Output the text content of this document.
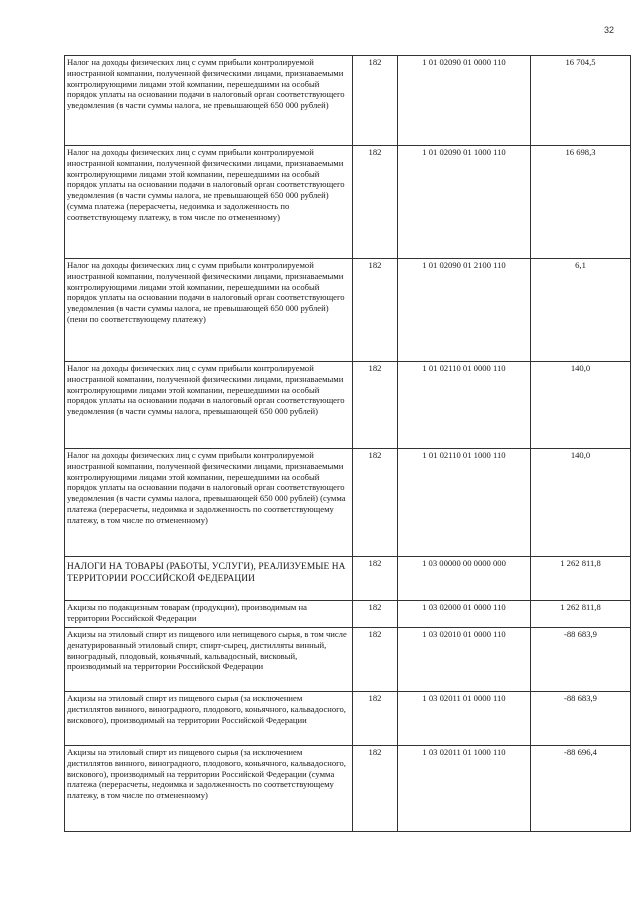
32
Налог на доходы физических лиц с сумм прибыли контролируемой иностранной компании, полученной физическими лицами, признаваемыми контролирующими лицами этой компании, перешедшими на особый порядок уплаты на основании подачи в налоговый орган соответствующего уведомления (в части суммы налога, не превышающей 650 000 рублей)	182	1 01 02090 01 0000 110	16 704,5
Налог на доходы физических лиц с сумм прибыли контролируемой иностранной компании, полученной физическими лицами, признаваемыми контролирующими лицами этой компании, перешедшими на особый порядок уплаты на основании подачи в налоговый орган соответствующего уведомления (в части суммы налога, не превышающей 650 000 рублей) (сумма платежа (перерасчеты, недоимка и задолженность по соответствующему платежу, в том числе по отмененному)	182	1 01 02090 01 1000 110	16 698,3
Налог на доходы физических лиц с сумм прибыли контролируемой иностранной компании, полученной физическими лицами, признаваемыми контролирующими лицами этой компании, перешедшими на особый порядок уплаты на основании подачи в налоговый орган соответствующего уведомления (в части суммы налога, не превышающей 650 000 рублей) (пени по соответствующему платежу)	182	1 01 02090 01 2100 110	6,1
Налог на доходы физических лиц с сумм прибыли контролируемой иностранной компании, полученной физическими лицами, признаваемыми контролирующими лицами этой компании, перешедшими на особый порядок уплаты на основании подачи в налоговый орган соответствующего уведомления (в части суммы налога, превышающей 650 000 рублей)	182	1 01 02110 01 0000 110	140,0
Налог на доходы физических лиц с сумм прибыли контролируемой иностранной компании, полученной физическими лицами, признаваемыми контролирующими лицами этой компании, перешедшими на особый порядок уплаты на основании подачи в налоговый орган соответствующего уведомления (в части суммы налога, превышающей 650 000 рублей) (сумма платежа (перерасчеты, недоимка и задолженность по соответствующему платежу, в том числе по отмененному)	182	1 01 02110 01 1000 110	140,0
НАЛОГИ НА ТОВАРЫ (РАБОТЫ, УСЛУГИ), РЕАЛИЗУЕМЫЕ НА ТЕРРИТОРИИ РОССИЙСКОЙ ФЕДЕРАЦИИ	182	1 03 00000 00 0000 000	1 262 811,8
Акцизы по подакцизным товарам (продукции), производимым на территории Российской Федерации	182	1 03 02000 01 0000 110	1 262 811,8
Акцизы на этиловый спирт из пищевого или непищевого сырья, в том числе денатурированный этиловый спирт, спирт-сырец, дистилляты винный, виноградный, плодовый, коньячный, кальвадосный, висковый, производимый на территории Российской Федерации	182	1 03 02010 01 0000 110	-88 683,9
Акцизы на этиловый спирт из пищевого сырья (за исключением дистиллятов винного, виноградного, плодового, коньячного, кальвадосного, вискового), производимый на территории Российской Федерации	182	1 03 02011 01 0000 110	-88 683,9
Акцизы на этиловый спирт из пищевого сырья (за исключением дистиллятов винного, виноградного, плодового, коньячного, кальвадосного, вискового), производимый на территории Российской Федерации (сумма платежа (перерасчеты, недоимка и задолженность по соответствующему платежу, в том числе по отмененному)	182	1 03 02011 01 1000 110	-88 696,4
